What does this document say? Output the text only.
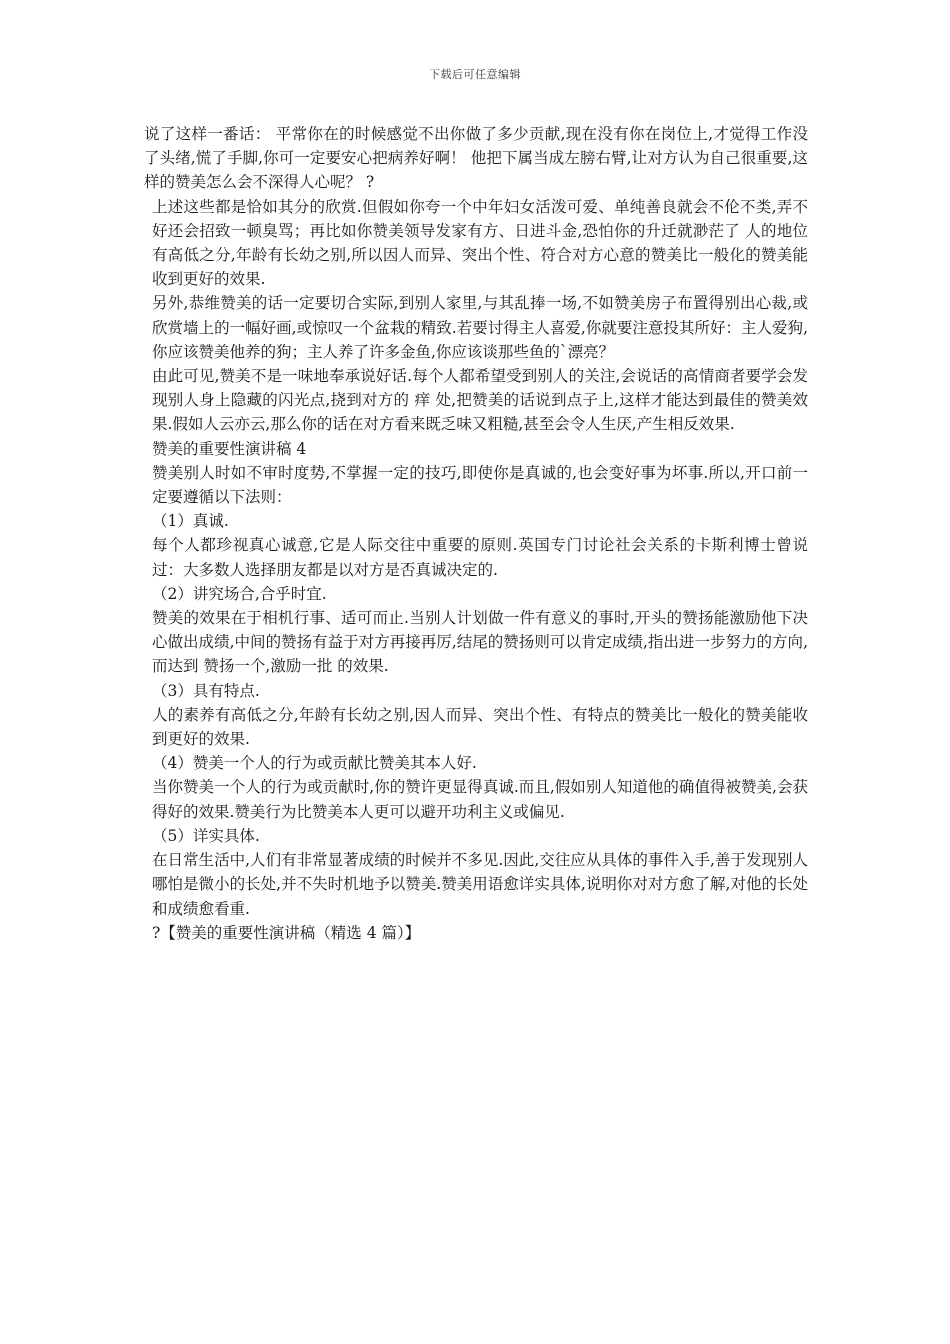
下载后可任意编辑

说了这样一番话： 平常你在的时候感觉不出你做了多少贡献,现在没有你在岗位上,才觉得工作没了头绪,慌了手脚,你可一定要安心把病养好啊！ 他把下属当成左膀右臂,让对方认为自己很重要,这样的赞美怎么会不深得人心呢？ ?

上述这些都是恰如其分的欣赏.但假如你夸一个中年妇女活泼可爱、单纯善良就会不伦不类,弄不好还会招致一顿臭骂；再比如你赞美领导发家有方、日进斗金,恐怕你的升迁就渺茫了 人的地位有高低之分,年龄有长幼之别,所以因人而异、突出个性、符合对方心意的赞美比一般化的赞美能收到更好的效果.

另外,恭维赞美的话一定要切合实际,到别人家里,与其乱捧一场,不如赞美房子布置得别出心裁,或欣赏墙上的一幅好画,或惊叹一个盆栽的精致.若要讨得主人喜爱,你就要注意投其所好：主人爱狗,你应该赞美他养的狗；主人养了许多金鱼,你应该谈那些鱼的`漂亮？

由此可见,赞美不是一味地奉承说好话.每个人都希望受到别人的关注,会说话的高情商者要学会发现别人身上隐藏的闪光点,挠到对方的 痒 处,把赞美的话说到点子上,这样才能达到最佳的赞美效果.假如人云亦云,那么你的话在对方看来既乏味又粗糙,甚至会令人生厌,产生相反效果.

赞美的重要性演讲稿 4

赞美别人时如不审时度势,不掌握一定的技巧,即使你是真诚的,也会变好事为坏事.所以,开口前一定要遵循以下法则：

（1）真诚.

每个人都珍视真心诚意,它是人际交往中重要的原则.英国专门讨论社会关系的卡斯利博士曾说过：大多数人选择朋友都是以对方是否真诚决定的.

（2）讲究场合,合乎时宜.

赞美的效果在于相机行事、适可而止.当别人计划做一件有意义的事时,开头的赞扬能激励他下决心做出成绩,中间的赞扬有益于对方再接再厉,结尾的赞扬则可以肯定成绩,指出进一步努力的方向,而达到 赞扬一个,激励一批 的效果.

（3）具有特点.

人的素养有高低之分,年龄有长幼之别,因人而异、突出个性、有特点的赞美比一般化的赞美能收到更好的效果.

（4）赞美一个人的行为或贡献比赞美其本人好.

当你赞美一个人的行为或贡献时,你的赞许更显得真诚.而且,假如别人知道他的确值得被赞美,会获得好的效果.赞美行为比赞美本人更可以避开功利主义或偏见.

（5）详实具体.

在日常生活中,人们有非常显著成绩的时候并不多见.因此,交往应从具体的事件入手,善于发现别人哪怕是微小的长处,并不失时机地予以赞美.赞美用语愈详实具体,说明你对对方愈了解,对他的长处和成绩愈看重.

?【赞美的重要性演讲稿（精选 4 篇）】
